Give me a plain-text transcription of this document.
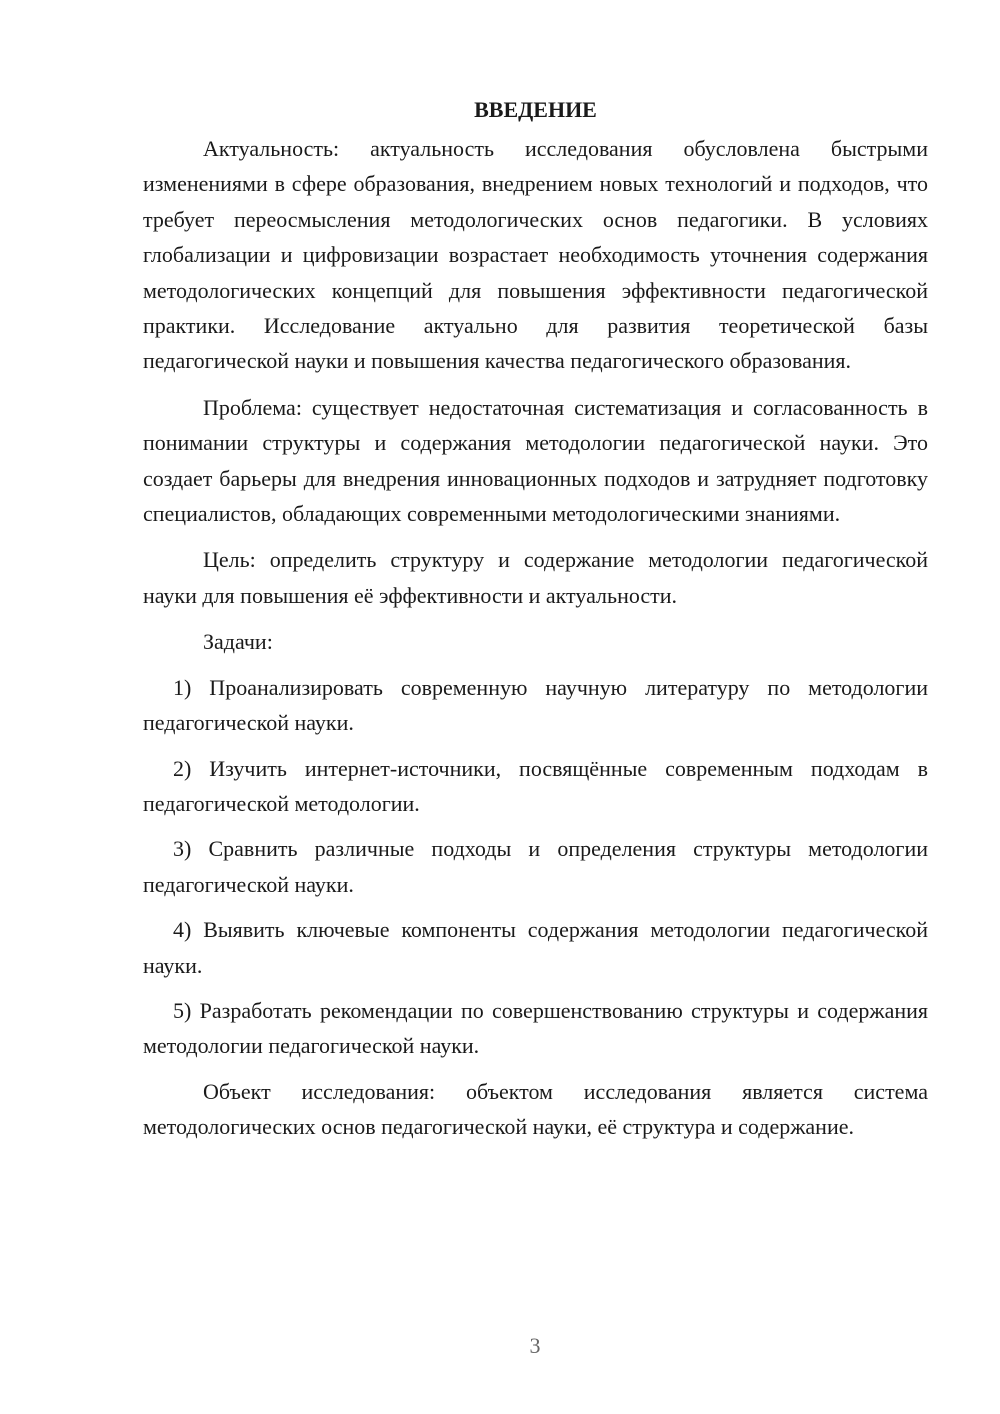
ВВЕДЕНИЕ

Актуальность: актуальность исследования обусловлена быстрыми изменениями в сфере образования, внедрением новых технологий и подходов, что требует переосмысления методологических основ педагогики. В условиях глобализации и цифровизации возрастает необходимость уточнения содержания методологических концепций для повышения эффективности педагогической практики. Исследование актуально для развития теоретической базы педагогической науки и повышения качества педагогического образования.

Проблема: существует недостаточная систематизация и согласованность в понимании структуры и содержания методологии педагогической науки. Это создает барьеры для внедрения инновационных подходов и затрудняет подготовку специалистов, обладающих современными методологическими знаниями.

Цель: определить структуру и содержание методологии педагогической науки для повышения её эффективности и актуальности.

Задачи:

1) Проанализировать современную научную литературу по методологии педагогической науки.

2) Изучить интернет-источники, посвящённые современным подходам в педагогической методологии.

3) Сравнить различные подходы и определения структуры методологии педагогической науки.

4) Выявить ключевые компоненты содержания методологии педагогической науки.

5) Разработать рекомендации по совершенствованию структуры и содержания методологии педагогической науки.

Объект исследования: объектом исследования является система методологических основ педагогической науки, её структура и содержание.

3
